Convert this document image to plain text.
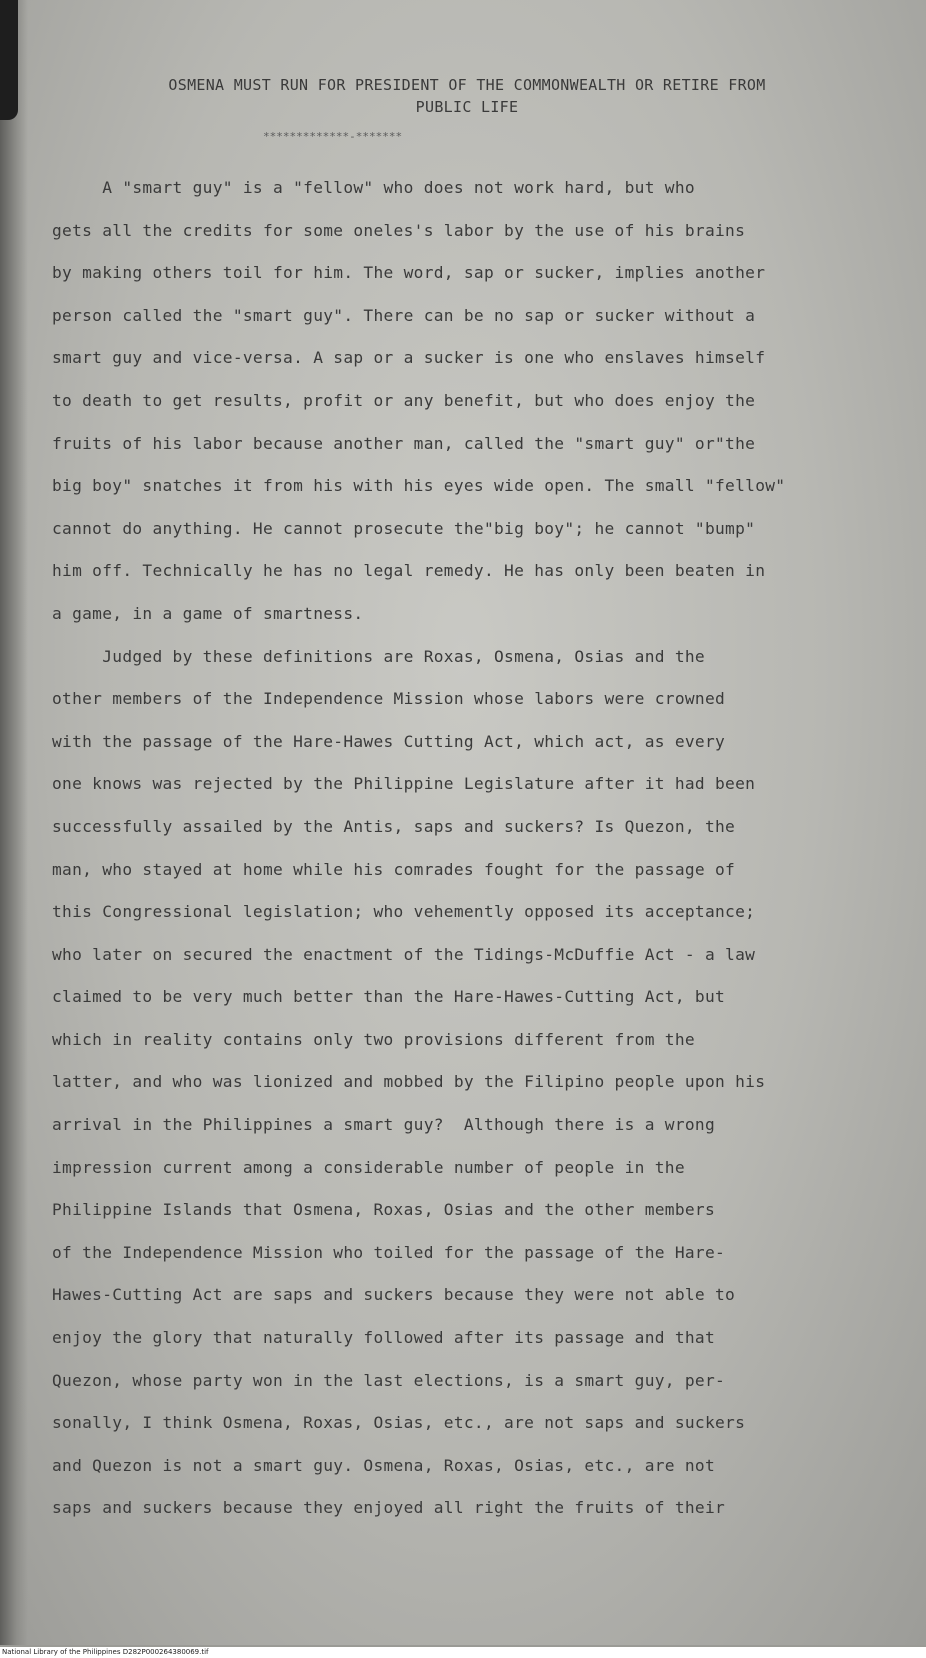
OSMENA MUST RUN FOR PRESIDENT OF THE COMMONWEALTH OR RETIRE FROM
PUBLIC LIFE
*************-*******
A "smart guy" is a "fellow" who does not work hard, but who
gets all the credits for some oneles's labor by the use of his brains
by making others toil for him. The word, sap or sucker, implies another
person called the "smart guy". There can be no sap or sucker without a
smart guy and vice-versa. A sap or a sucker is one who enslaves himself
to death to get results, profit or any benefit, but who does enjoy the
fruits of his labor because another man, called the "smart guy" or"the
big boy" snatches it from his with his eyes wide open. The small "fellow"
cannot do anything. He cannot prosecute the"big boy"; he cannot "bump"
him off. Technically he has no legal remedy. He has only been beaten in
a game, in a game of smartness.
Judged by these definitions are Roxas, Osmena, Osias and the
other members of the Independence Mission whose labors were crowned
with the passage of the Hare-Hawes Cutting Act, which act, as every
one knows was rejected by the Philippine Legislature after it had been
successfully assailed by the Antis, saps and suckers? Is Quezon, the
man, who stayed at home while his comrades fought for the passage of
this Congressional legislation; who vehemently opposed its acceptance;
who later on secured the enactment of the Tidings-McDuffie Act - a law
claimed to be very much better than the Hare-Hawes-Cutting Act, but
which in reality contains only two provisions different from the
latter, and who was lionized and mobbed by the Filipino people upon his
arrival in the Philippines a smart guy?  Although there is a wrong
impression current among a considerable number of people in the
Philippine Islands that Osmena, Roxas, Osias and the other members
of the Independence Mission who toiled for the passage of the Hare-
Hawes-Cutting Act are saps and suckers because they were not able to
enjoy the glory that naturally followed after its passage and that
Quezon, whose party won in the last elections, is a smart guy, per-
sonally, I think Osmena, Roxas, Osias, etc., are not saps and suckers
and Quezon is not a smart guy. Osmena, Roxas, Osias, etc., are not
saps and suckers because they enjoyed all right the fruits of their
National Library of the Philippines D282P000264380069.tif
